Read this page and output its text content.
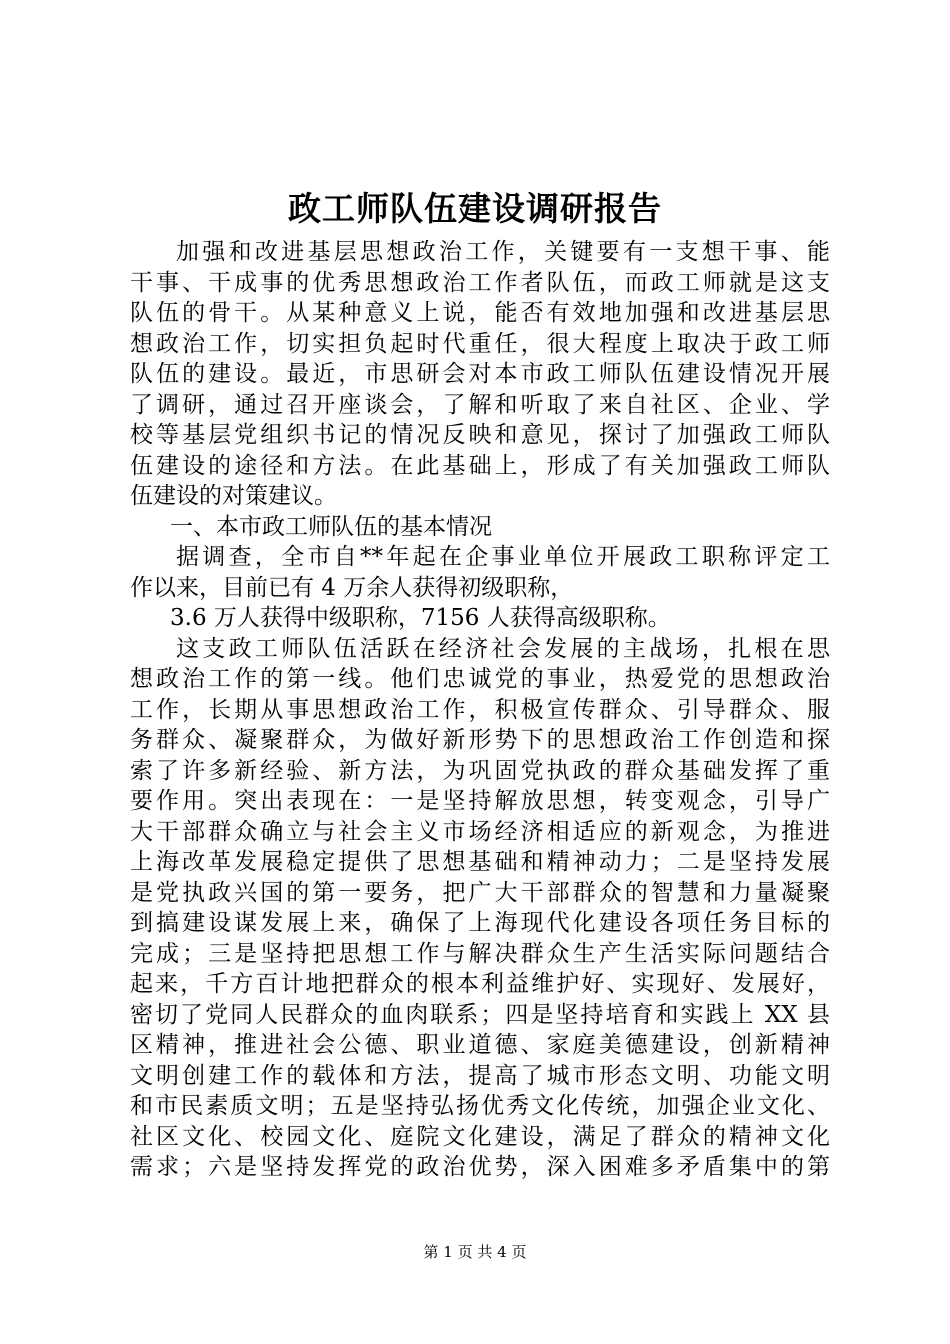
政工师队伍建设调研报告
加强和改进基层思想政治工作，关键要有一支想干事、能
干事、干成事的优秀思想政治工作者队伍，而政工师就是这支
队伍的骨干。从某种意义上说，能否有效地加强和改进基层思
想政治工作，切实担负起时代重任，很大程度上取决于政工师
队伍的建设。最近，市思研会对本市政工师队伍建设情况开展
了调研，通过召开座谈会，了解和听取了来自社区、企业、学
校等基层党组织书记的情况反映和意见，探讨了加强政工师队
伍建设的途径和方法。在此基础上，形成了有关加强政工师队
伍建设的对策建议。
一、本市政工师队伍的基本情况
据调查，全市自**年起在企事业单位开展政工职称评定工
作以来，目前已有 4 万余人获得初级职称，
3.6 万人获得中级职称，7156 人获得高级职称。
这支政工师队伍活跃在经济社会发展的主战场，扎根在思
想政治工作的第一线。他们忠诚党的事业，热爱党的思想政治
工作，长期从事思想政治工作，积极宣传群众、引导群众、服
务群众、凝聚群众，为做好新形势下的思想政治工作创造和探
索了许多新经验、新方法，为巩固党执政的群众基础发挥了重
要作用。突出表现在：一是坚持解放思想，转变观念，引导广
大干部群众确立与社会主义市场经济相适应的新观念，为推进
上海改革发展稳定提供了思想基础和精神动力；二是坚持发展
是党执政兴国的第一要务，把广大干部群众的智慧和力量凝聚
到搞建设谋发展上来，确保了上海现代化建设各项任务目标的
完成；三是坚持把思想工作与解决群众生产生活实际问题结合
起来，千方百计地把群众的根本利益维护好、实现好、发展好，
密切了党同人民群众的血肉联系；四是坚持培育和实践上 XX 县
区精神，推进社会公德、职业道德、家庭美德建设，创新精神
文明创建工作的载体和方法，提高了城市形态文明、功能文明
和市民素质文明；五是坚持弘扬优秀文化传统，加强企业文化、
社区文化、校园文化、庭院文化建设，满足了群众的精神文化
需求；六是坚持发挥党的政治优势，深入困难多矛盾集中的第
第 1 页 共 4 页
